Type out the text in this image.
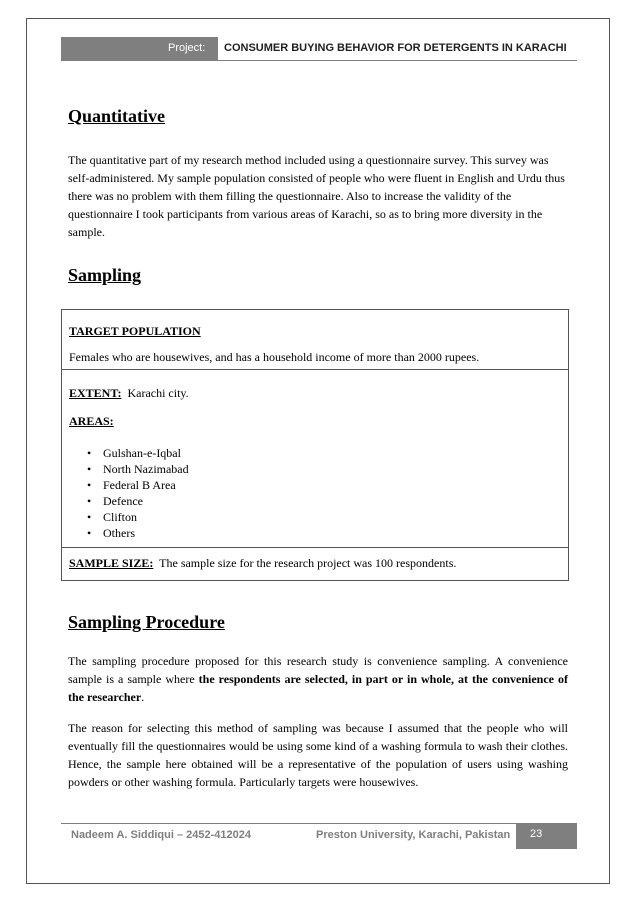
Project: CONSUMER BUYING BEHAVIOR FOR DETERGENTS IN KARACHI
Quantitative

The quantitative part of my research method included using a questionnaire survey. This survey was self-administered. My sample population consisted of people who were fluent in English and Urdu thus there was no problem with them filling the questionnaire. Also to increase the validity of the questionnaire I took participants from various areas of Karachi, so as to bring more diversity in the sample.

Sampling
TARGET POPULATION
Females who are housewives, and has a household income of more than 2000 rupees.
EXTENT: Karachi city.
AREAS:
• Gulshan-e-Iqbal
• North Nazimabad
• Federal B Area
• Defence
• Clifton
• Others
SAMPLE SIZE: The sample size for the research project was 100 respondents.
Sampling Procedure

The sampling procedure proposed for this research study is convenience sampling. A convenience sample is a sample where the respondents are selected, in part or in whole, at the convenience of the researcher.

The reason for selecting this method of sampling was because I assumed that the people who will eventually fill the questionnaires would be using some kind of a washing formula to wash their clothes. Hence, the sample here obtained will be a representative of the population of users using washing powders or other washing formula. Particularly targets were housewives.

Nadeem A. Siddiqui – 2452-412024	Preston University, Karachi, Pakistan	23
